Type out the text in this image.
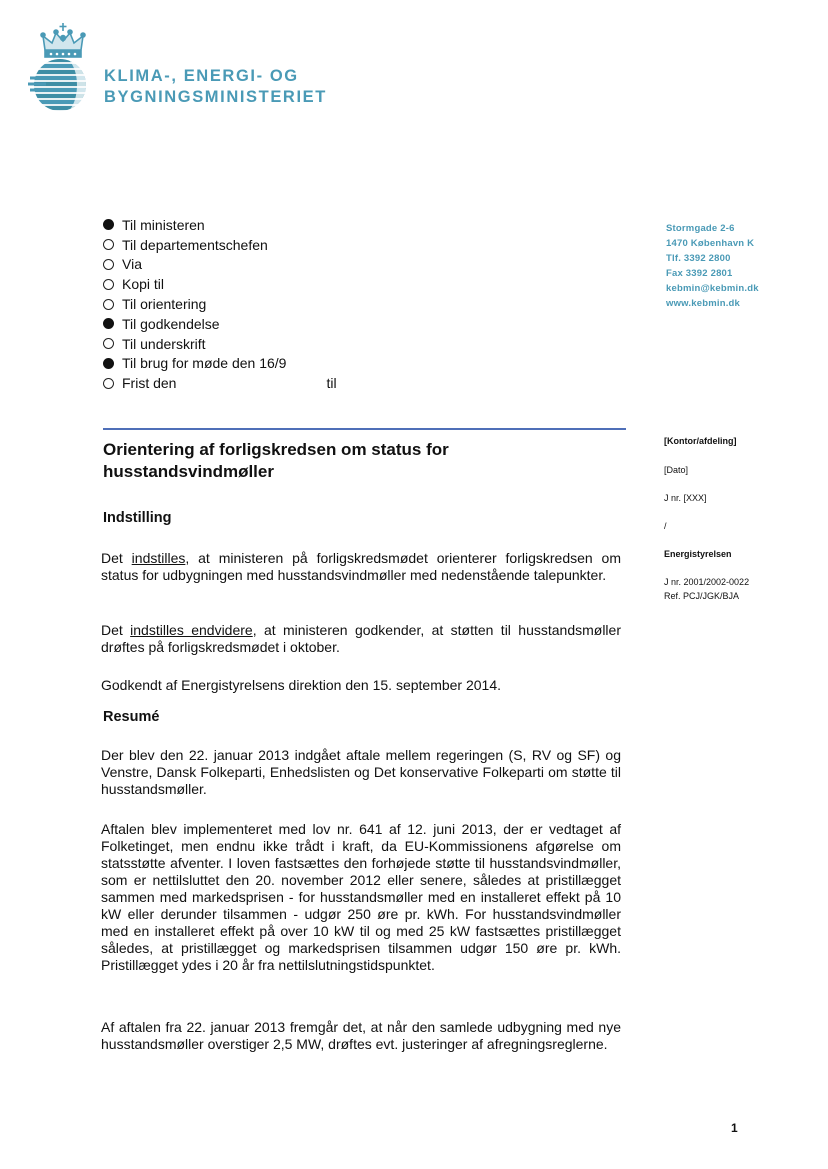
KLIMA-, ENERGI- OG
BYGNINGSMINISTERIET
Til ministeren
Til departementschefen
Via
Kopi til
Til orientering
Til godkendelse
Til underskrift
Til brug for møde den 16/9
Frist den	til
Stormgade 2-6
1470 København K
Tlf. 3392 2800
Fax 3392 2801
kebmin@kebmin.dk
www.kebmin.dk
[Kontor/afdeling]
[Dato]
J nr. [XXX]
/
Energistyrelsen
J nr. 2001/2002-0022
Ref. PCJ/JGK/BJA
Orientering af forligskredsen om status for
husstandsvindmøller
Indstilling
Det indstilles, at ministeren på forligskredsmødet orienterer forligskredsen om status for udbygningen med husstandsvindmøller med nedenstående talepunkter.
Det indstilles endvidere, at ministeren godkender, at støtten til husstandsmøller drøftes på forligskredsmødet i oktober.
Godkendt af Energistyrelsens direktion den 15. september 2014.
Resumé
Der blev den 22. januar 2013 indgået aftale mellem regeringen (S, RV og SF) og Venstre, Dansk Folkeparti, Enhedslisten og Det konservative Folkeparti om støtte til husstandsmøller.
Aftalen blev implementeret med lov nr. 641 af 12. juni 2013, der er vedtaget af Folketinget, men endnu ikke trådt i kraft, da EU-Kommissionens afgørelse om statsstøtte afventer. I loven fastsættes den forhøjede støtte til husstandsvindmøller, som er nettilsluttet den 20. november 2012 eller senere, således at pristillægget sammen med markedsprisen - for husstandsmøller med en installeret effekt på 10 kW eller derunder tilsammen - udgør 250 øre pr. kWh. For husstandsvindmøller med en installeret effekt på over 10 kW til og med 25 kW fastsættes pristillægget således, at pristillægget og markedsprisen tilsammen udgør 150 øre pr. kWh. Pristillægget ydes i 20 år fra nettilslutningstidspunktet.
Af aftalen fra 22. januar 2013 fremgår det, at når den samlede udbygning med nye husstandsmøller overstiger 2,5 MW, drøftes evt. justeringer af afregningsreglerne.
1
